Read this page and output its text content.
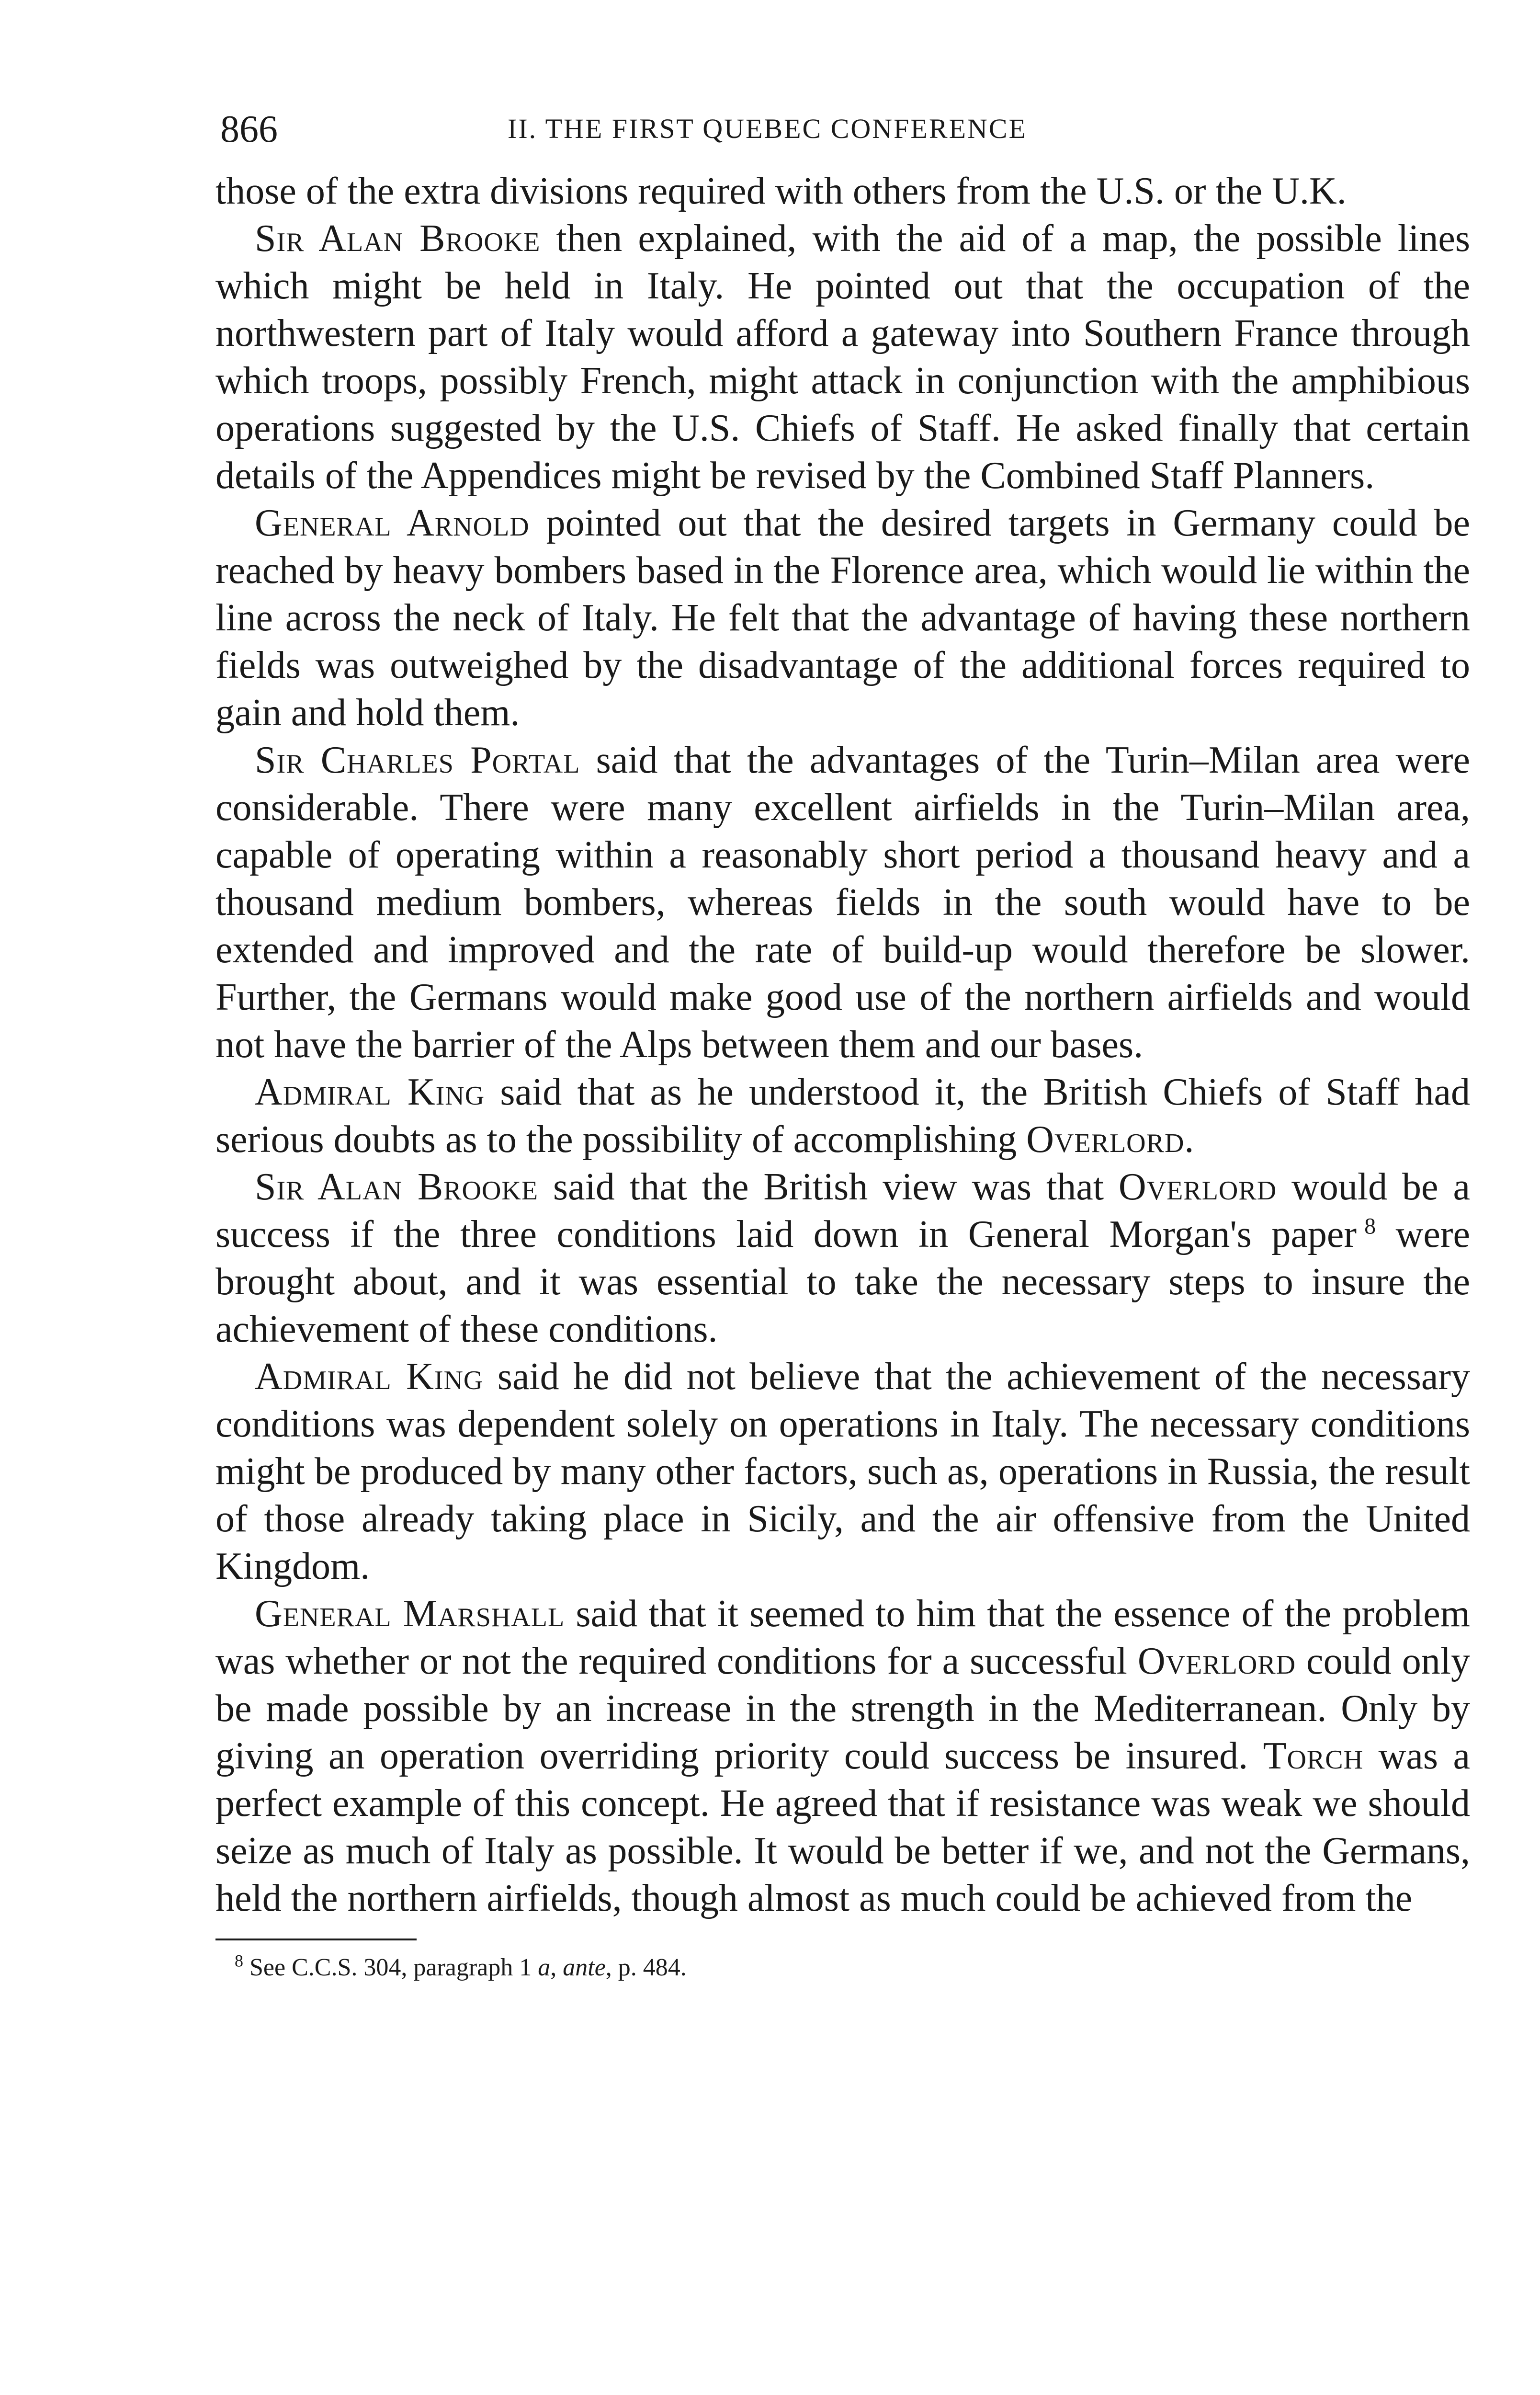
866	II. THE FIRST QUEBEC CONFERENCE

those of the extra divisions required with others from the U.S. or the U.K.

Sir Alan Brooke then explained, with the aid of a map, the possible lines which might be held in Italy. He pointed out that the occupation of the northwestern part of Italy would afford a gateway into Southern France through which troops, possibly French, might attack in conjunction with the amphibious operations suggested by the U.S. Chiefs of Staff. He asked finally that certain details of the Appendices might be revised by the Combined Staff Planners.

General Arnold pointed out that the desired targets in Germany could be reached by heavy bombers based in the Florence area, which would lie within the line across the neck of Italy. He felt that the advantage of having these northern fields was outweighed by the disadvantage of the additional forces required to gain and hold them.

Sir Charles Portal said that the advantages of the Turin–Milan area were considerable. There were many excellent airfields in the Turin–Milan area, capable of operating within a reasonably short period a thousand heavy and a thousand medium bombers, whereas fields in the south would have to be extended and improved and the rate of build-up would therefore be slower. Further, the Germans would make good use of the northern airfields and would not have the barrier of the Alps between them and our bases.

Admiral King said that as he understood it, the British Chiefs of Staff had serious doubts as to the possibility of accomplishing Overlord.

Sir Alan Brooke said that the British view was that Overlord would be a success if the three conditions laid down in General Morgan's paper  $^8$ were brought about, and it was essential to take the necessary steps to insure the achievement of these conditions.

Admiral King said he did not believe that the achievement of the necessary conditions was dependent solely on operations in Italy. The necessary conditions might be produced by many other factors, such as, operations in Russia, the result of those already taking place in Sicily, and the air offensive from the United Kingdom.

General Marshall said that it seemed to him that the essence of the problem was whether or not the required conditions for a successful Overlord could only be made possible by an increase in the strength in the Mediterranean. Only by giving an operation overriding priority could success be insured. Torch was a perfect example of this concept. He agreed that if resistance was weak we should seize as much of Italy as possible. It would be better if we, and not the Germans, held the northern airfields, though almost as much could be achieved from the

$^8$ See C.C.S. 304, paragraph 1 a, ante, p. 484.
